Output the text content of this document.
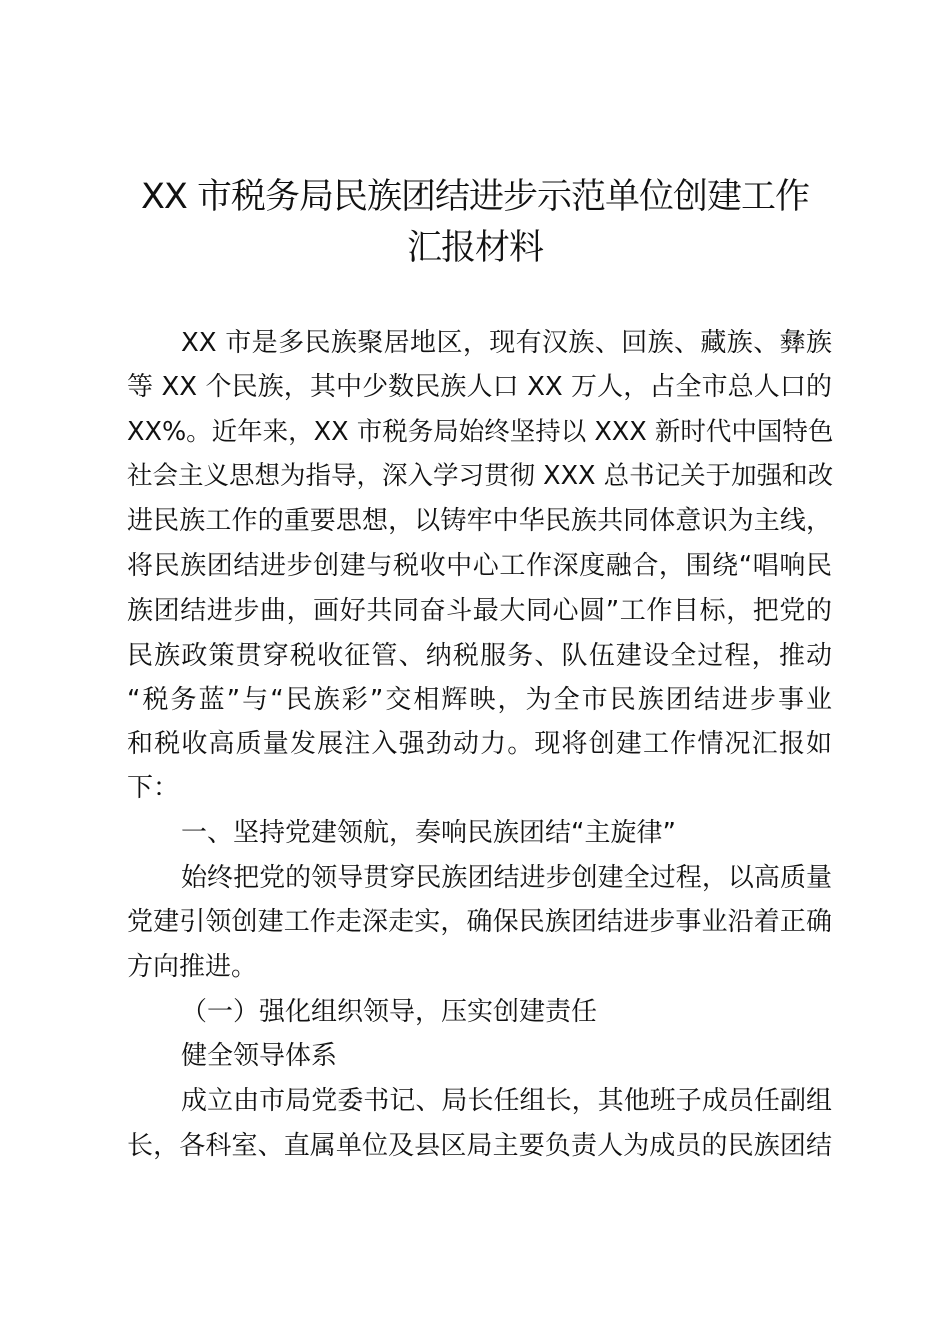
XX 市税务局民族团结进步示范单位创建工作
汇报材料
XX 市是多民族聚居地区，现有汉族、回族、藏族、彝族
等 XX 个民族，其中少数民族人口 XX 万人，占全市总人口的
XX%。近年来，XX 市税务局始终坚持以 XXX 新时代中国特色
社会主义思想为指导，深入学习贯彻 XXX 总书记关于加强和改
进民族工作的重要思想，以铸牢中华民族共同体意识为主线，
将民族团结进步创建与税收中心工作深度融合，围绕“唱响民
族团结进步曲，画好共同奋斗最大同心圆”工作目标，把党的
民族政策贯穿税收征管、纳税服务、队伍建设全过程，推动
“税务蓝”与“民族彩”交相辉映，为全市民族团结进步事业
和税收高质量发展注入强劲动力。现将创建工作情况汇报如
下：
一、坚持党建领航，奏响民族团结“主旋律”
始终把党的领导贯穿民族团结进步创建全过程，以高质量
党建引领创建工作走深走实，确保民族团结进步事业沿着正确
方向推进。
（一）强化组织领导，压实创建责任
健全领导体系
成立由市局党委书记、局长任组长，其他班子成员任副组
长，各科室、直属单位及县区局主要负责人为成员的民族团结
